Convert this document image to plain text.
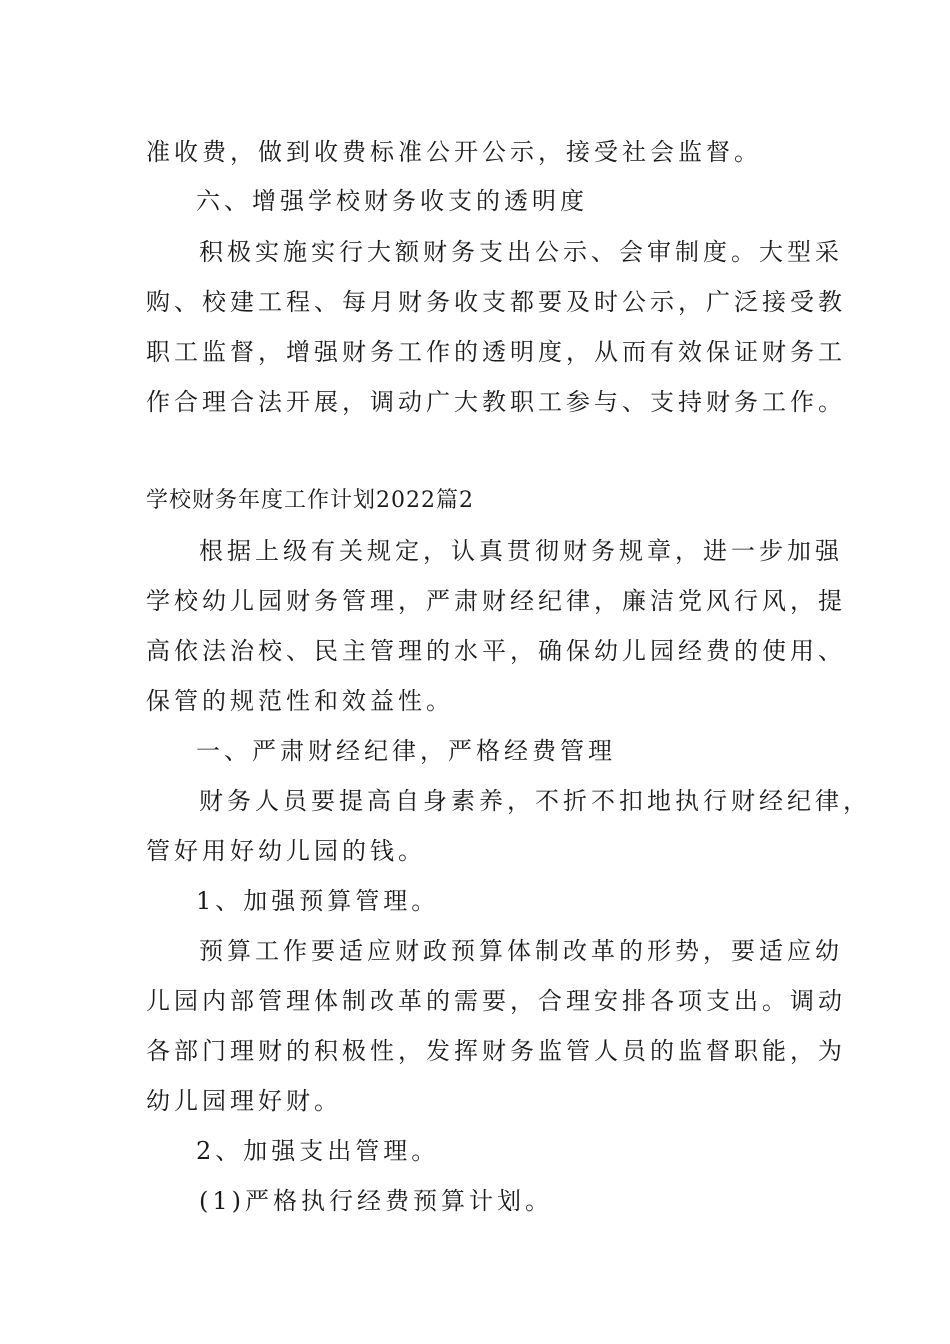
准收费，做到收费标准公开公示，接受社会监督。
六、增强学校财务收支的透明度
积极实施实行大额财务支出公示、会审制度。大型采
购、校建工程、每月财务收支都要及时公示，广泛接受教
职工监督，增强财务工作的透明度，从而有效保证财务工
作合理合法开展，调动广大教职工参与、支持财务工作。
学校财务年度工作计划2022篇2
根据上级有关规定，认真贯彻财务规章，进一步加强
学校幼儿园财务管理，严肃财经纪律，廉洁党风行风，提
高依法治校、民主管理的水平，确保幼儿园经费的使用、
保管的规范性和效益性。
一、严肃财经纪律，严格经费管理
财务人员要提高自身素养，不折不扣地执行财经纪律，
管好用好幼儿园的钱。
1、加强预算管理。
预算工作要适应财政预算体制改革的形势，要适应幼
儿园内部管理体制改革的需要，合理安排各项支出。调动
各部门理财的积极性，发挥财务监管人员的监督职能，为
幼儿园理好财。
2、加强支出管理。
(1)严格执行经费预算计划。
